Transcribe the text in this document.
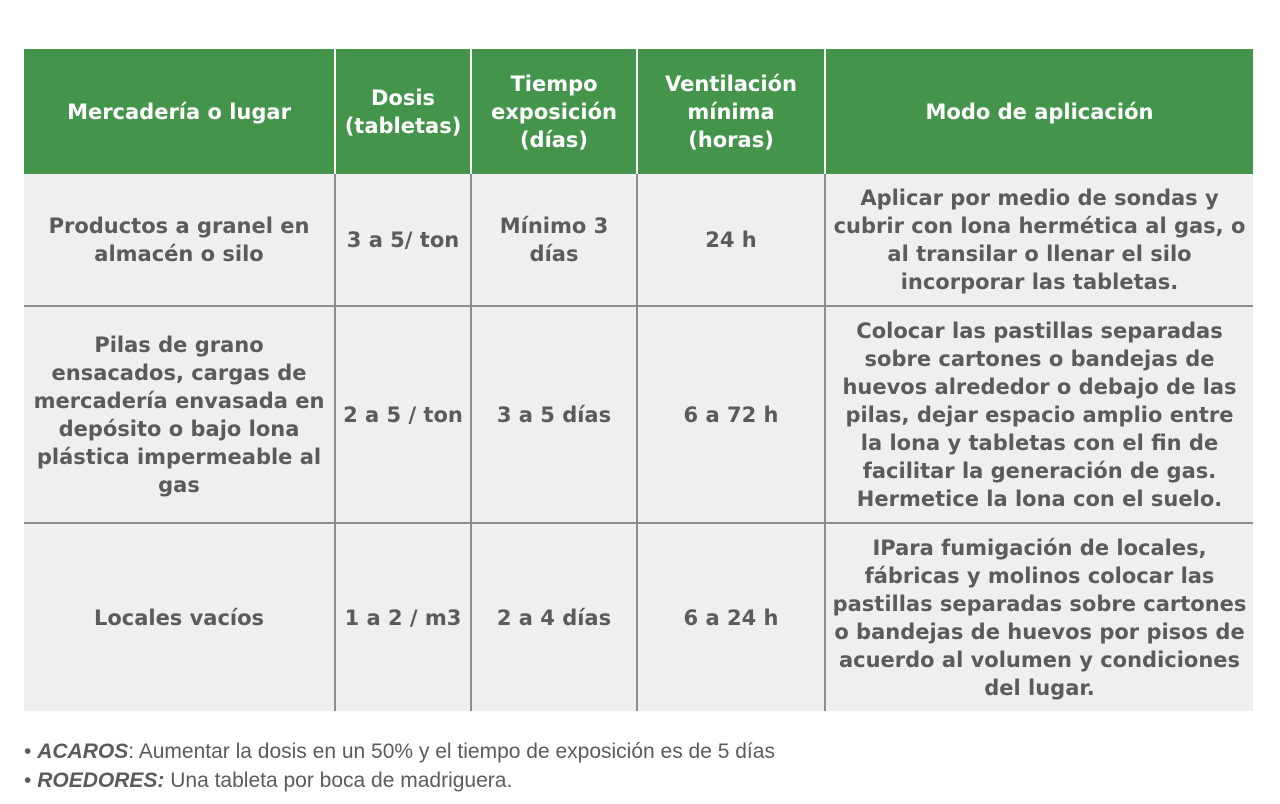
Mercadería o lugar	Dosis (tabletas)	Tiempo exposición (días)	Ventilación mínima (horas)	Modo de aplicación
Productos a granel en almacén o silo	3 a 5/ ton	Mínimo 3 días	24 h	Aplicar por medio de sondas y cubrir con lona hermética al gas, o al transilar o llenar el silo incorporar las tabletas.
Pilas de grano ensacados, cargas de mercadería envasada en depósito o bajo lona plástica impermeable al gas	2 a 5 / ton	3 a 5 días	6 a 72 h	Colocar las pastillas separadas sobre cartones o bandejas de huevos alrededor o debajo de las pilas, dejar espacio amplio entre la lona y tabletas con el fin de facilitar la generación de gas. Hermetice la lona con el suelo.
Locales vacíos	1 a 2 / m3	2 a 4 días	6 a 24 h	IPara fumigación de locales, fábricas y molinos colocar las pastillas separadas sobre cartones o bandejas de huevos por pisos de acuerdo al volumen y condiciones del lugar.
• ACAROS: Aumentar la dosis en un 50% y el tiempo de exposición es de 5 días
• ROEDORES: Una tableta por boca de madriguera.
